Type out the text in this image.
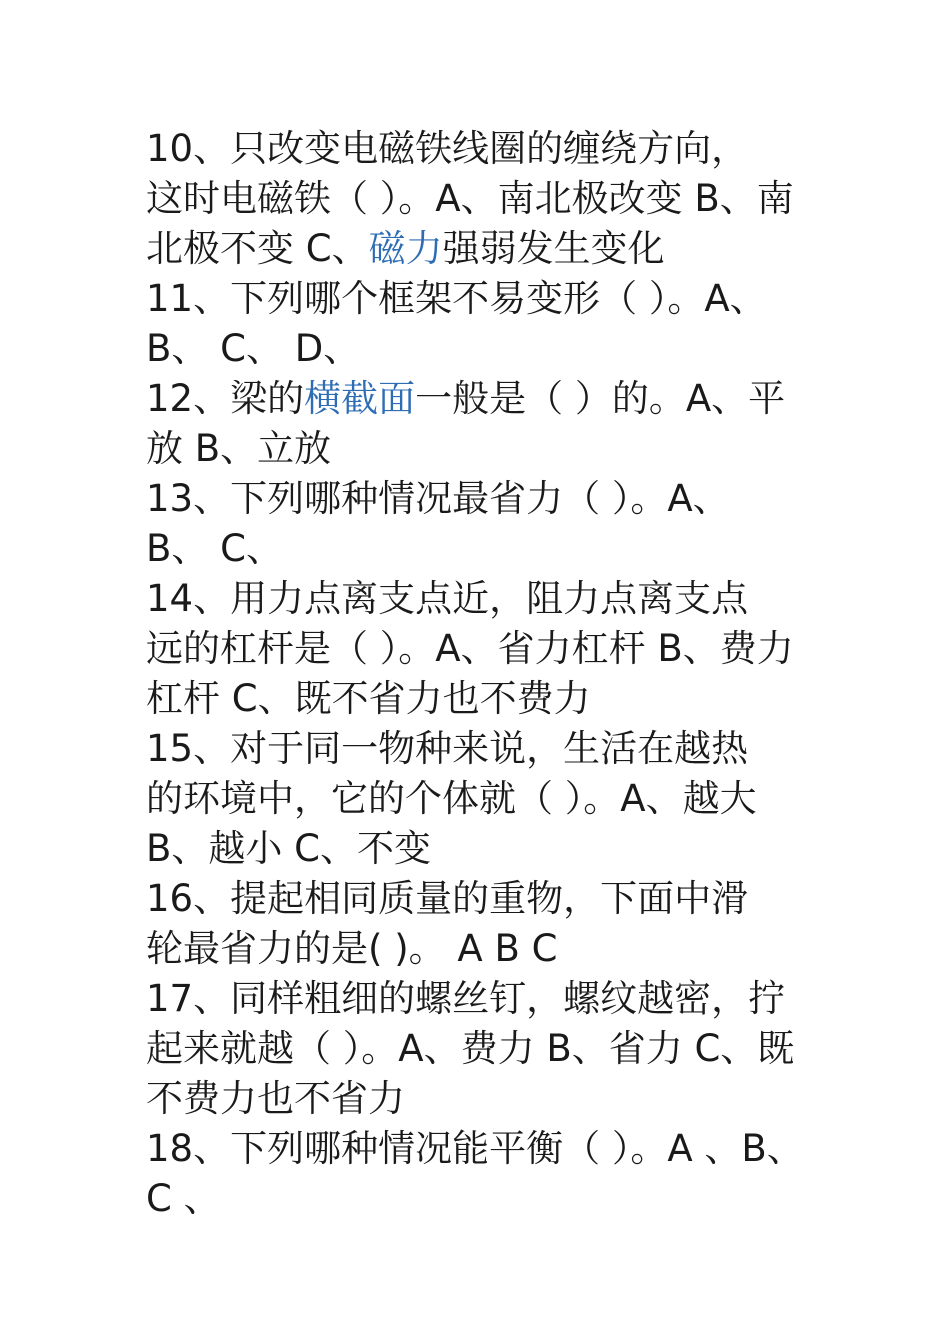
10、只改变电磁铁线圈的缠绕方向，
这时电磁铁（ ）。A、南北极改变 B、南
北极不变 C、磁力强弱发生变化
11、下列哪个框架不易变形（ ）。A、
B、 C、 D、
12、梁的横截面一般是（ ）的。A、平
放 B、立放
13、下列哪种情况最省力（ ）。A、
B、 C、
14、用力点离支点近，阻力点离支点
远的杠杆是（ ）。A、省力杠杆 B、费力
杠杆 C、既不省力也不费力
15、对于同一物种来说，生活在越热
的环境中，它的个体就（ ）。A、越大
B、越小 C、不变
16、提起相同质量的重物，下面中滑
轮最省力的是( )。 A B C
17、同样粗细的螺丝钉，螺纹越密，拧
起来就越（ ）。A、费力 B、省力 C、既
不费力也不省力
18、下列哪种情况能平衡（ ）。A 、B、
C 、
